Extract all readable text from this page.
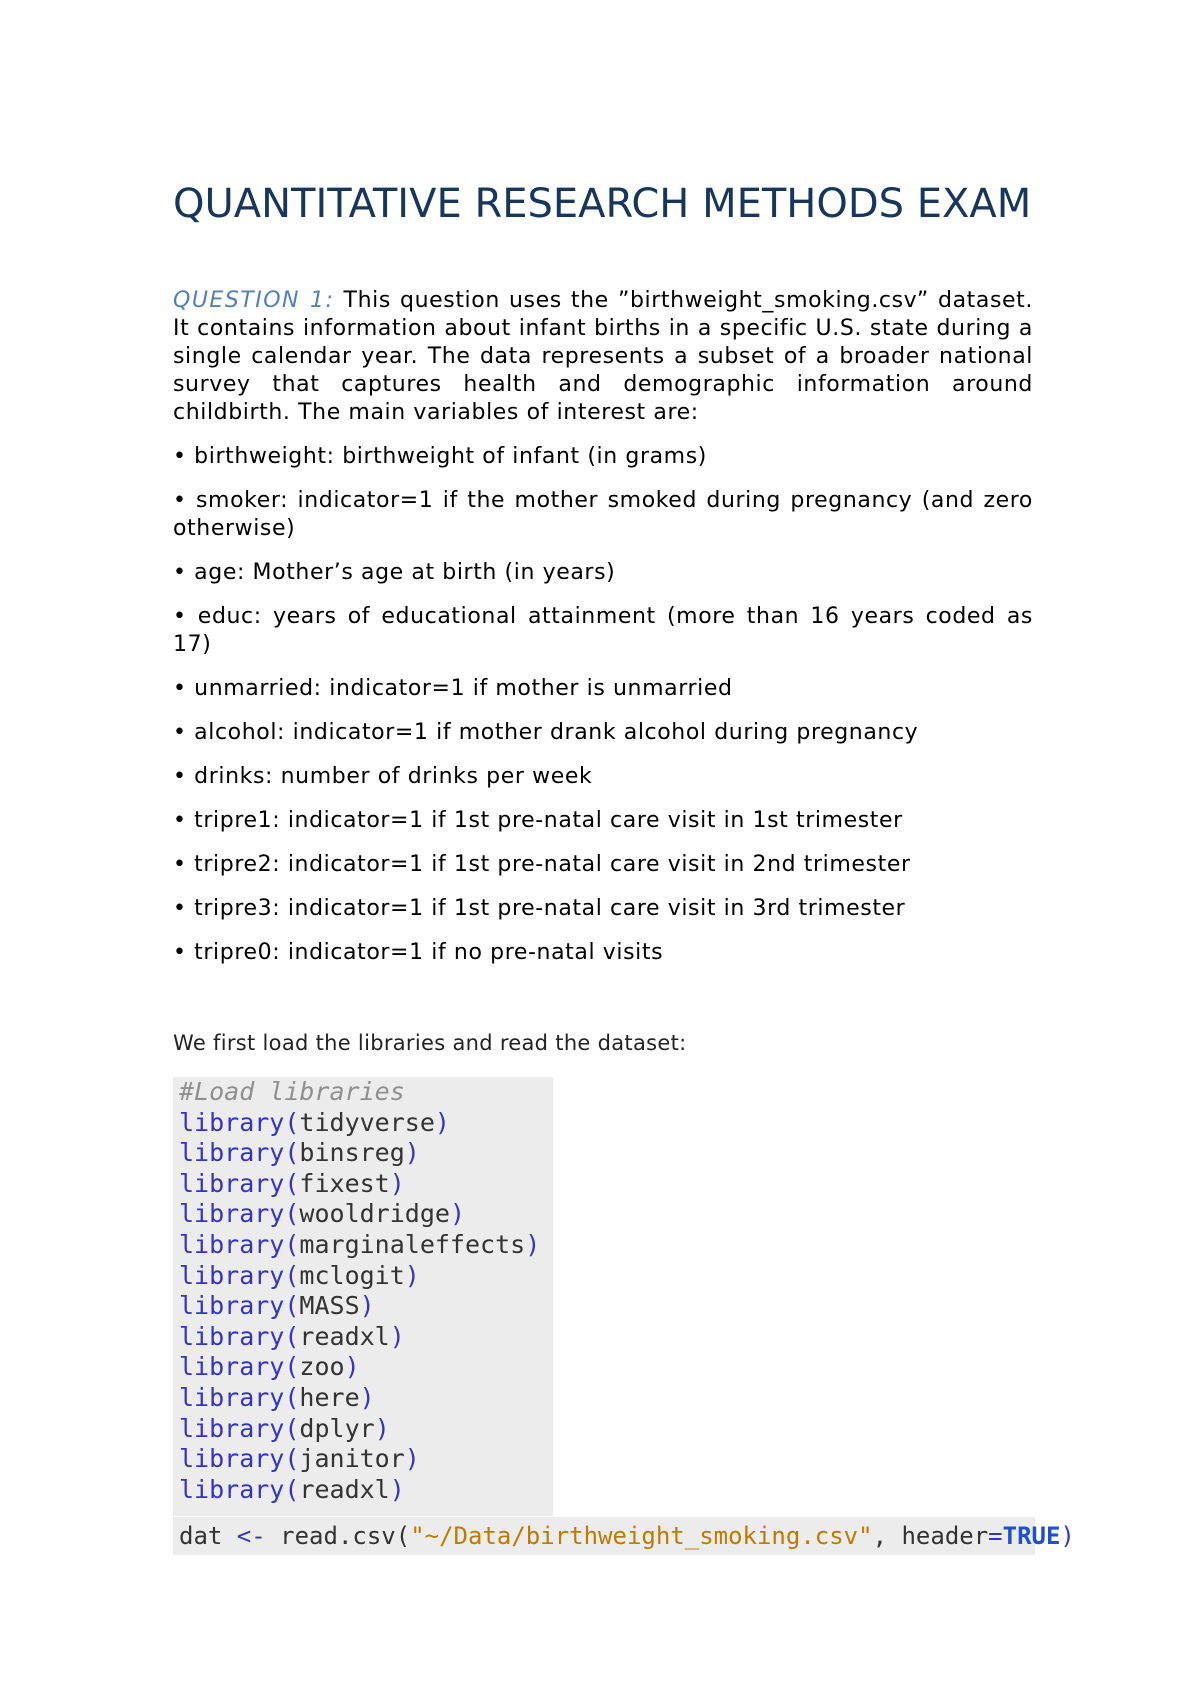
QUANTITATIVE RESEARCH METHODS EXAM

QUESTION 1: This question uses the ”birthweight_smoking.csv” dataset. It contains information about infant births in a specific U.S. state during a single calendar year. The data represents a subset of a broader national survey that captures health and demographic information around childbirth. The main variables of interest are:

• birthweight: birthweight of infant (in grams)
• smoker: indicator=1 if the mother smoked during pregnancy (and zero otherwise)
• age: Mother’s age at birth (in years)
• educ: years of educational attainment (more than 16 years coded as 17)
• unmarried: indicator=1 if mother is unmarried
• alcohol: indicator=1 if mother drank alcohol during pregnancy
• drinks: number of drinks per week
• tripre1: indicator=1 if 1st pre-natal care visit in 1st trimester
• tripre2: indicator=1 if 1st pre-natal care visit in 2nd trimester
• tripre3: indicator=1 if 1st pre-natal care visit in 3rd trimester
• tripre0: indicator=1 if no pre-natal visits

We first load the libraries and read the dataset:

#Load libraries
library(tidyverse)
library(binsreg)
library(fixest)
library(wooldridge)
library(marginaleffects)
library(mclogit)
library(MASS)
library(readxl)
library(zoo)
library(here)
library(dplyr)
library(janitor)
library(readxl)
dat <- read.csv("~/Data/birthweight_smoking.csv", header=TRUE)
